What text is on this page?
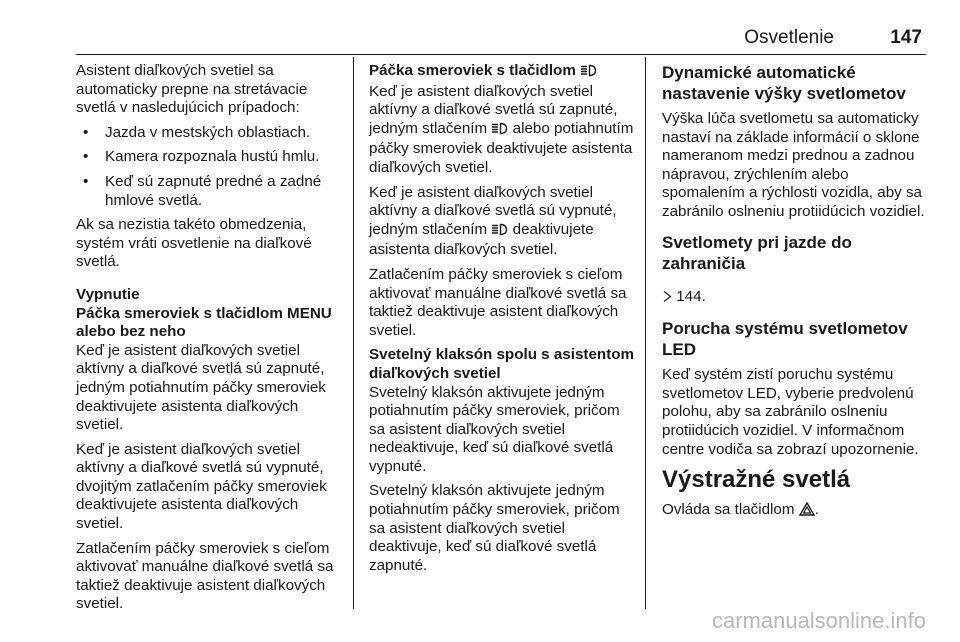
Osvetlenie	147

Asistent diaľkových svetiel sa automaticky prepne na stretávacie svetlá v nasledujúcich prípadoch:

• Jazda v mestských oblastiach.
• Kamera rozpoznala hustú hmlu.
• Keď sú zapnuté predné a zadné hmlové svetlá.

Ak sa nezistia takéto obmedzenia, systém vráti osvetlenie na diaľkové svetlá.

Vypnutie

Páčka smeroviek s tlačidlom MENU alebo bez neho

Keď je asistent diaľkových svetiel aktívny a diaľkové svetlá sú zapnuté, jedným potiahnutím páčky smeroviek deaktivujete asistenta diaľkových svetiel.

Keď je asistent diaľkových svetiel aktívny a diaľkové svetlá sú vypnuté, dvojitým zatlačením páčky smeroviek deaktivujete asistenta diaľkových svetiel.

Zatlačením páčky smeroviek s cieľom aktivovať manuálne diaľkové svetlá sa taktiež deaktivuje asistent diaľkových svetiel.

Páčka smeroviek s tlačidlom

Keď je asistent diaľkových svetiel aktívny a diaľkové svetlá sú zapnuté, jedným stlačením alebo potiahnutím páčky smeroviek deaktivujete asistenta diaľkových svetiel.

Keď je asistent diaľkových svetiel aktívny a diaľkové svetlá sú vypnuté, jedným stlačením deaktivujete asistenta diaľkových svetiel.

Zatlačením páčky smeroviek s cieľom aktivovať manuálne diaľkové svetlá sa taktiež deaktivuje asistent diaľkových svetiel.

Svetelný klaksón spolu s asistentom diaľkových svetiel

Svetelný klaksón aktivujete jedným potiahnutím páčky smeroviek, pričom sa asistent diaľkových svetiel nedeaktivuje, keď sú diaľkové svetlá vypnuté.

Svetelný klaksón aktivujete jedným potiahnutím páčky smeroviek, pričom sa asistent diaľkových svetiel deaktivuje, keď sú diaľkové svetlá zapnuté.

Dynamické automatické nastavenie výšky svetlometov

Výška lúča svetlometu sa automaticky nastaví na základe informácií o sklone nameranom medzi prednou a zadnou nápravou, zrýchlením alebo spomalením a rýchlosti vozidla, aby sa zabránilo oslneniu protiidúcich vozidiel.

Svetlomety pri jazde do zahraničia

144.

Porucha systému svetlometov LED

Keď systém zistí poruchu systému svetlometov LED, vyberie predvolenú polohu, aby sa zabránilo oslneniu protiidúcich vozidiel. V informačnom centre vodiča sa zobrazí upozornenie.

Výstražné svetlá

Ovláda sa tlačidlom .

carmanualsonline.info
